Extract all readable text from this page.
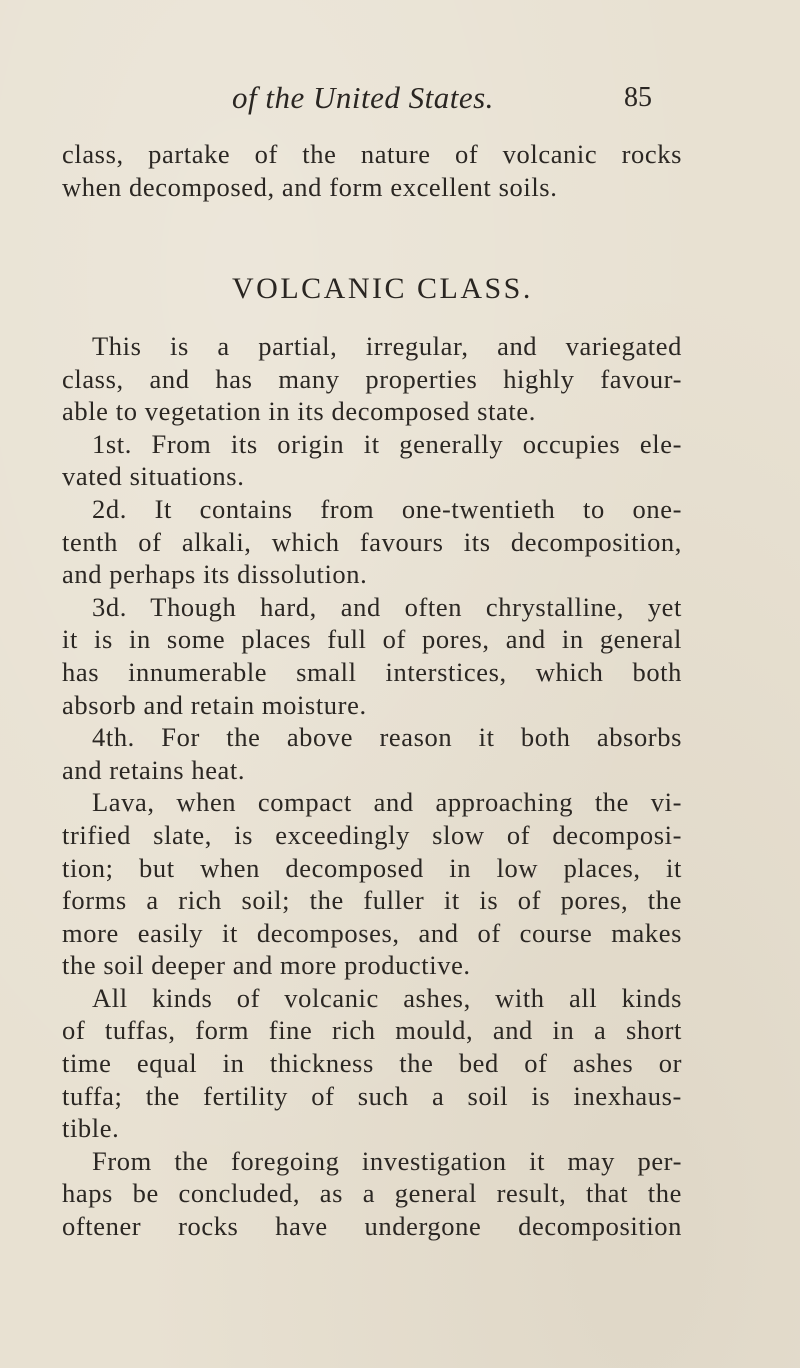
of the United States.	85
class, partake of the nature of volcanic rocks
when decomposed, and form excellent soils.
VOLCANIC CLASS.
This is a partial, irregular, and variegated
class, and has many properties highly favour-
able to vegetation in its decomposed state.
1st. From its origin it generally occupies ele-
vated situations.
2d. It contains from one-twentieth to one-
tenth of alkali, which favours its decomposition,
and perhaps its dissolution.
3d. Though hard, and often chrystalline, yet
it is in some places full of pores, and in general
has innumerable small interstices, which both
absorb and retain moisture.
4th. For the above reason it both absorbs
and retains heat.
Lava, when compact and approaching the vi-
trified slate, is exceedingly slow of decomposi-
tion; but when decomposed in low places, it
forms a rich soil; the fuller it is of pores, the
more easily it decomposes, and of course makes
the soil deeper and more productive.
All kinds of volcanic ashes, with all kinds
of tuffas, form fine rich mould, and in a short
time equal in thickness the bed of ashes or
tuffa; the fertility of such a soil is inexhaus-
tible.
From the foregoing investigation it may per-
haps be concluded, as a general result, that the
oftener rocks have undergone decomposition
